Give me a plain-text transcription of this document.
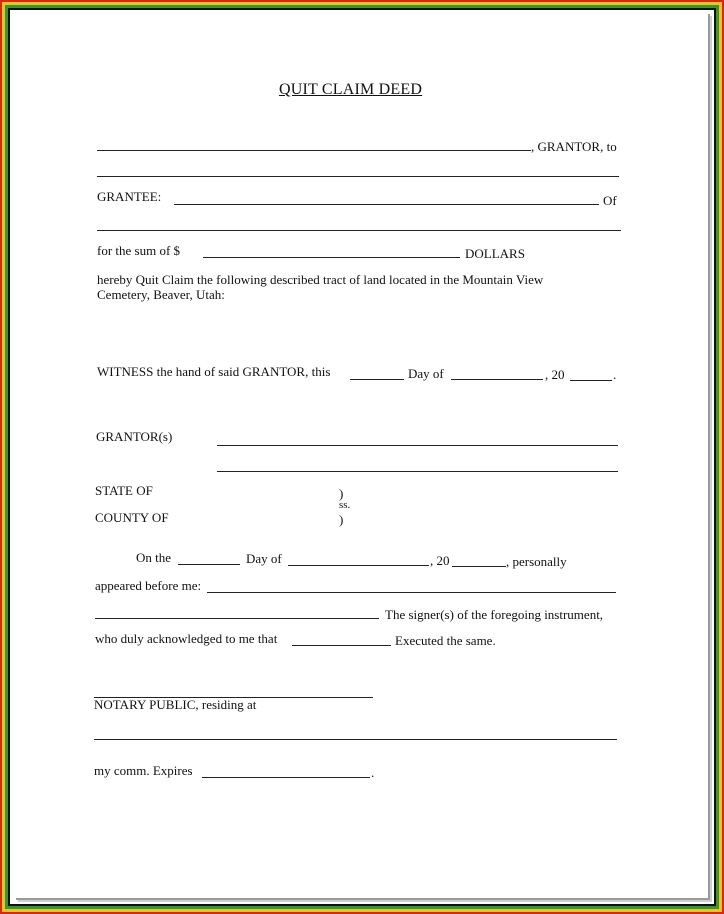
QUIT CLAIM DEED
, GRANTOR, to
GRANTEE:	Of
for the sum of $	DOLLARS
hereby Quit Claim the following described tract of land located in the Mountain View
Cemetery, Beaver, Utah:
WITNESS the hand of said GRANTOR, this	Day of	, 20	.
GRANTOR(s)
STATE OF	)
ss.
COUNTY OF	)
On the	Day of	, 20	, personally
appeared before me:
The signer(s) of the foregoing instrument,
who duly acknowledged to me that	Executed the same.
NOTARY PUBLIC, residing at
my comm. Expires	.
